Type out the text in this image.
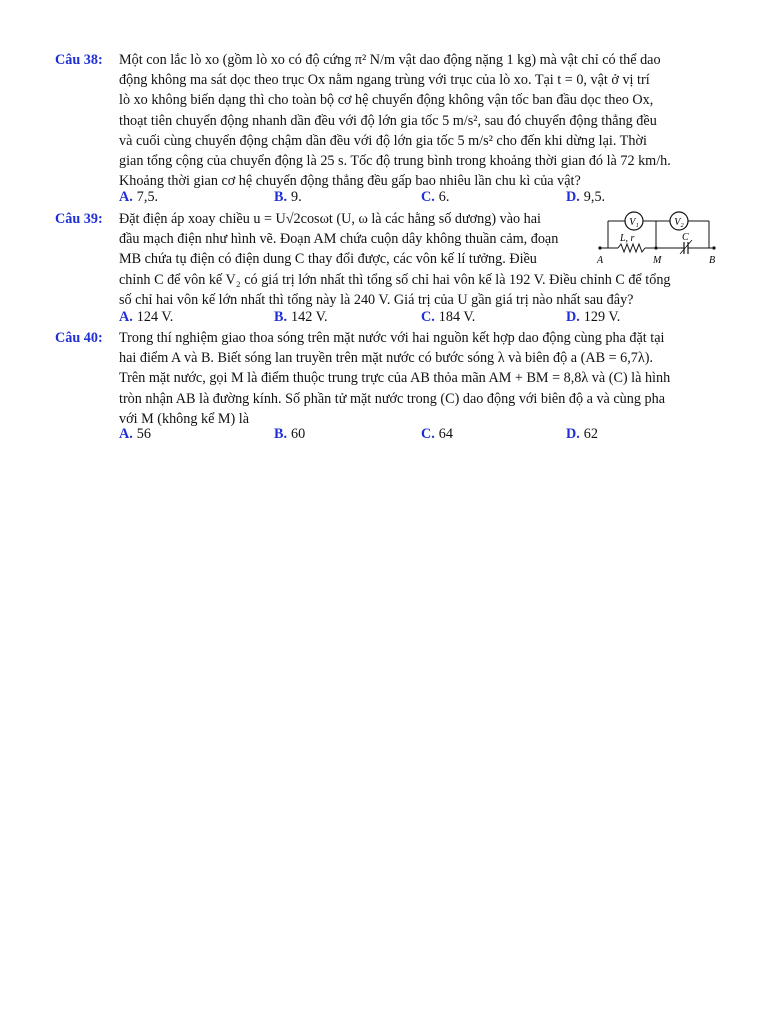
Câu 38: Một con lắc lò xo (gồm lò xo có độ cứng π² N/m vật dao động nặng 1 kg) mà vật chỉ có thể dao
động không ma sát dọc theo trục Ox nằm ngang trùng với trục của lò xo. Tại t = 0, vật ở vị trí
lò xo không biến dạng thì cho toàn bộ cơ hệ chuyển động không vận tốc ban đầu dọc theo Ox,
thoạt tiên chuyển động nhanh dần đều với độ lớn gia tốc 5 m/s², sau đó chuyển động thẳng đều
và cuối cùng chuyển động chậm dần đều với độ lớn gia tốc 5 m/s² cho đến khi dừng lại. Thời
gian tổng cộng của chuyển động là 25 s. Tốc độ trung bình trong khoảng thời gian đó là 72 km/h.
Khoảng thời gian cơ hệ chuyển động thẳng đều gấp bao nhiêu lần chu kì của vật?
A. 7,5.	B. 9.	C. 6.	D. 9,5.
Câu 39: Đặt điện áp xoay chiều u = U√2cosωt (U, ω là các hằng số dương) vào hai
đầu mạch điện như hình vẽ. Đoạn AM chứa cuộn dây không thuần cảm, đoạn
MB chứa tụ điện có điện dung C thay đổi được, các vôn kế lí tưởng. Điều
chỉnh C để vôn kế V₂ có giá trị lớn nhất thì tổng số chỉ hai vôn kế là 192 V. Điều chỉnh C để tổng
số chỉ hai vôn kế lớn nhất thì tổng này là 240 V. Giá trị của U gần giá trị nào nhất sau đây?
V₁	V₂
L, r	C
A	M	B
A. 124 V.	B. 142 V.	C. 184 V.	D. 129 V.
Câu 40: Trong thí nghiệm giao thoa sóng trên mặt nước với hai nguồn kết hợp dao động cùng pha đặt tại
hai điểm A và B. Biết sóng lan truyền trên mặt nước có bước sóng λ và biên độ a (AB = 6,7λ).
Trên mặt nước, gọi M là điểm thuộc trung trực của AB thỏa mãn AM + BM = 8,8λ và (C) là hình
tròn nhận AB là đường kính. Số phần tử mặt nước trong (C) dao động với biên độ a và cùng pha
với M (không kể M) là
A. 56	B. 60	C. 64	D. 62
